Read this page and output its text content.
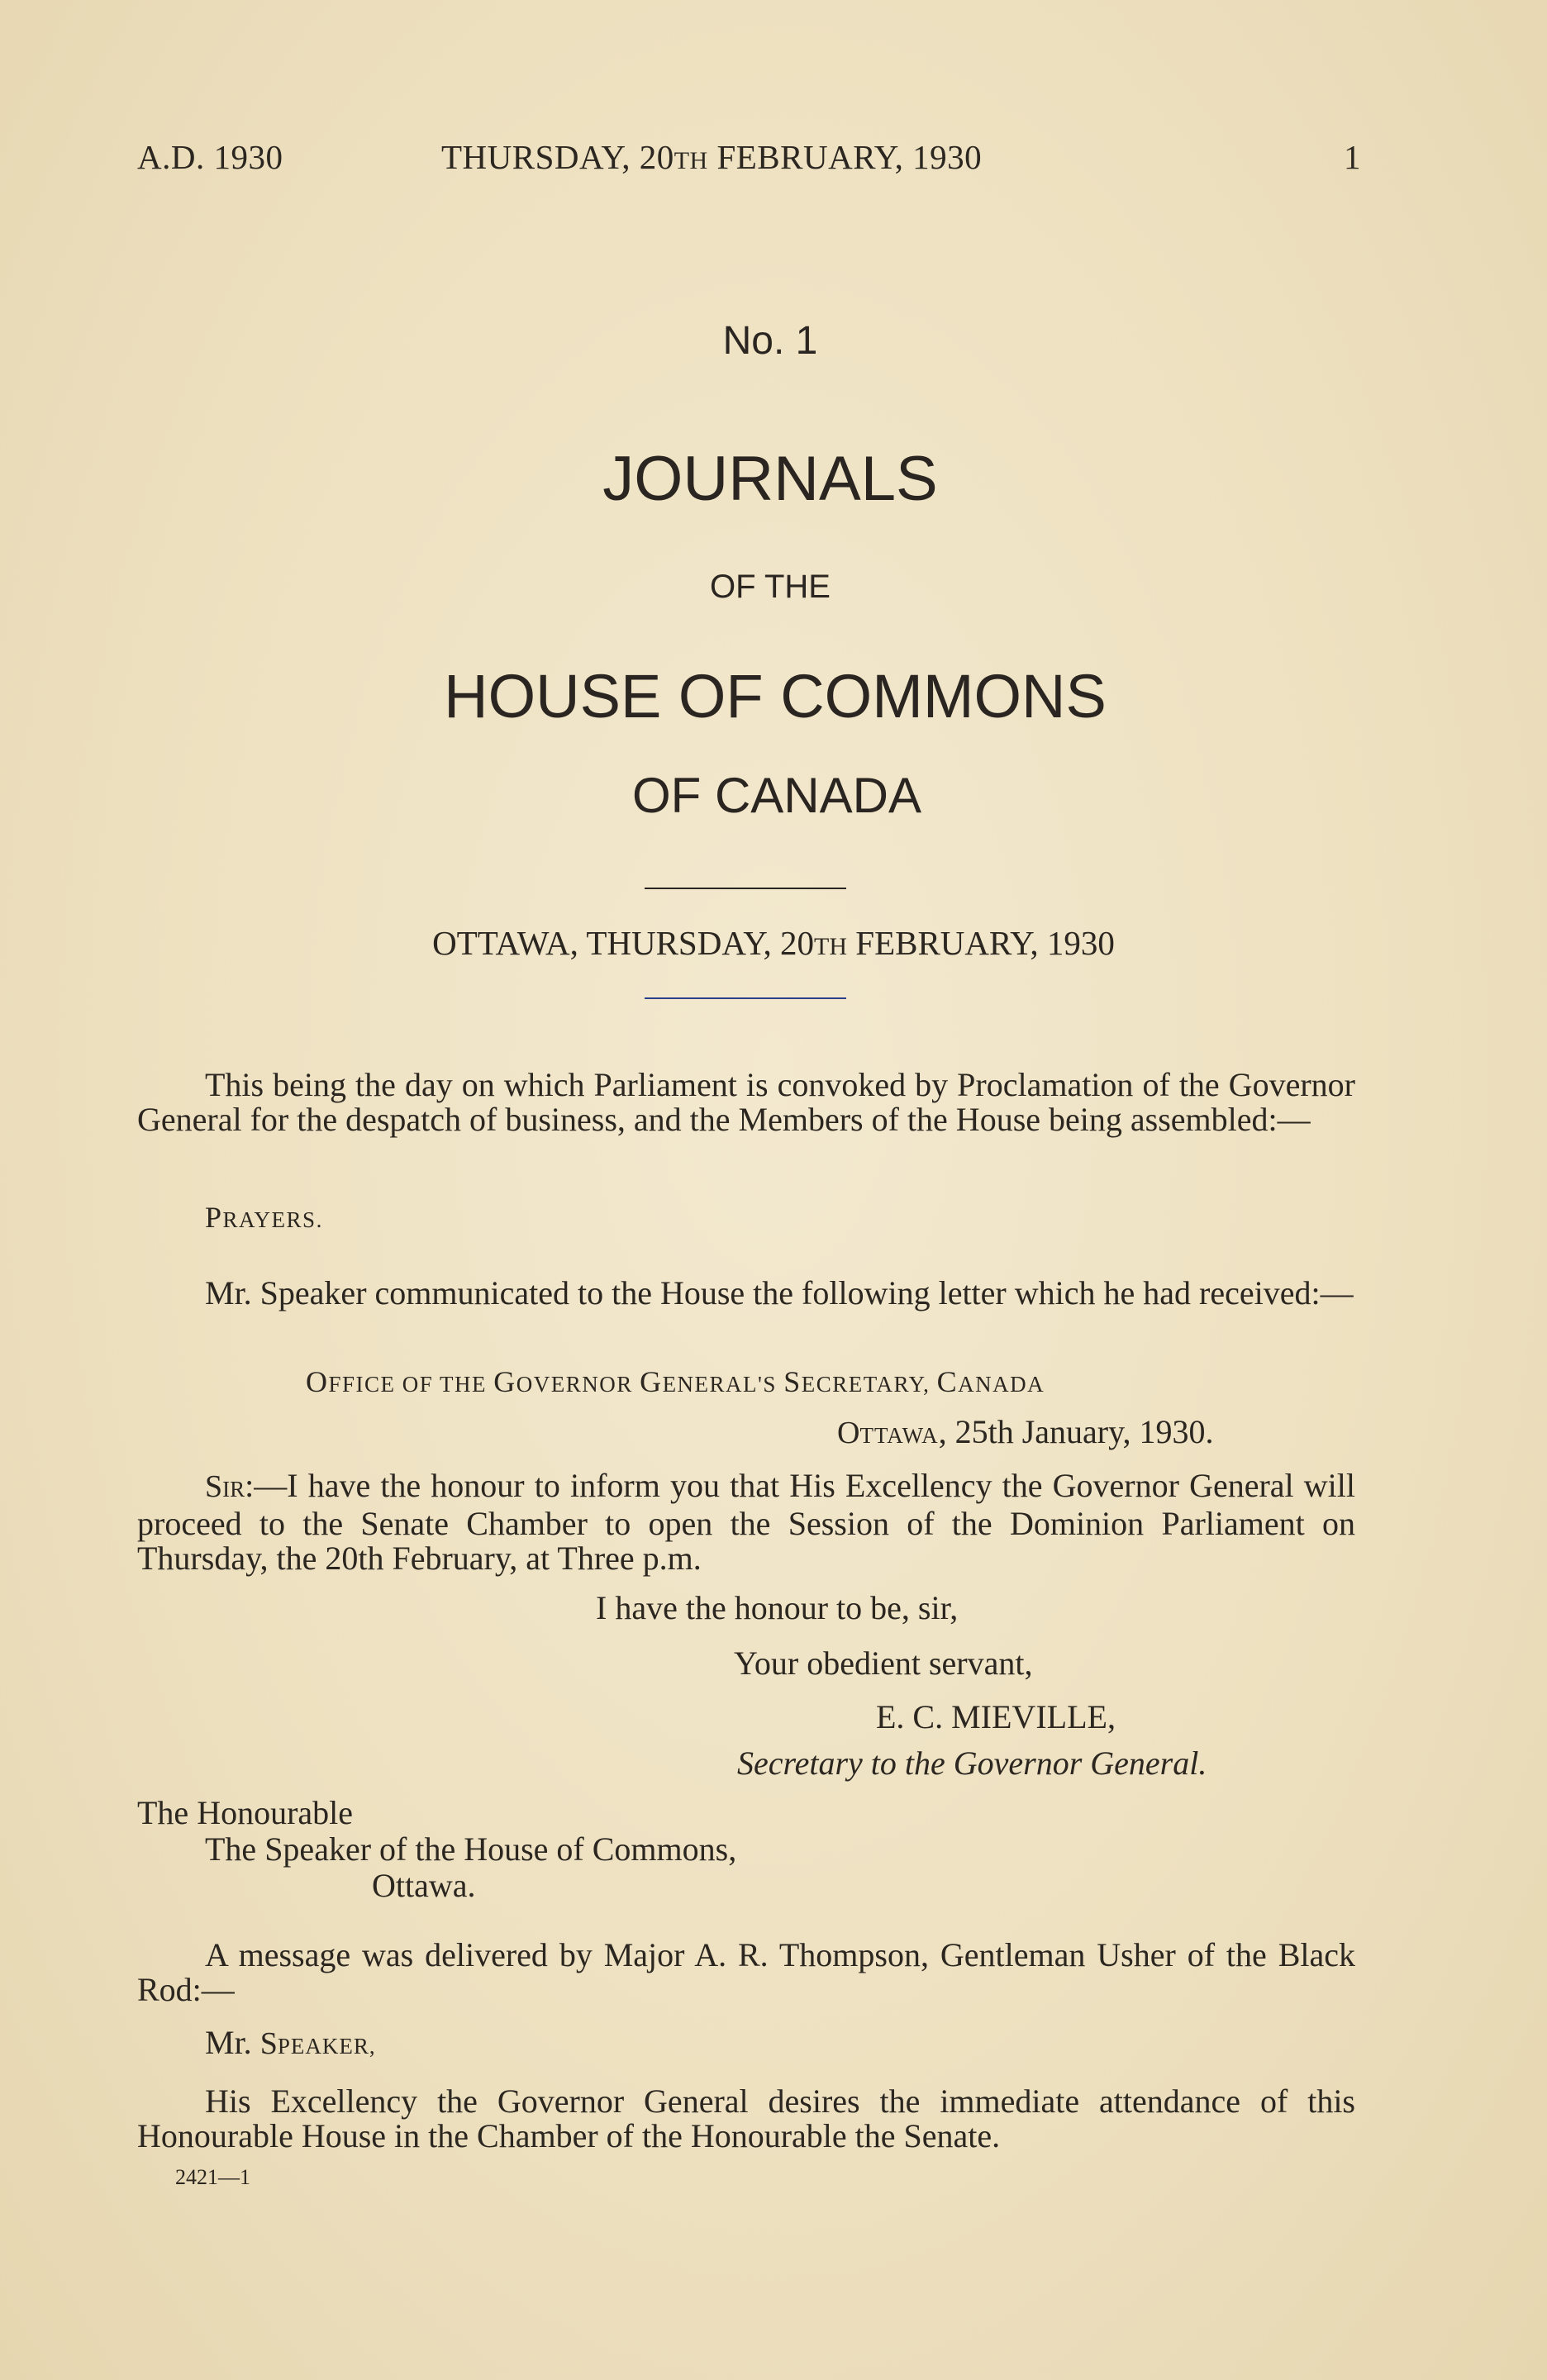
A.D. 1930	THURSDAY, 20TH FEBRUARY, 1930	1
No. 1
JOURNALS
OF THE
HOUSE OF COMMONS
OF CANADA
OTTAWA, THURSDAY, 20TH FEBRUARY, 1930
This being the day on which Parliament is convoked by Proclamation of the Governor General for the despatch of business, and the Members of the House being assembled:—
PRAYERS.
Mr. Speaker communicated to the House the following letter which he had received:—
OFFICE OF THE GOVERNOR GENERAL'S SECRETARY, CANADA
OTTAWA, 25th January, 1930.
SIR:—I have the honour to inform you that His Excellency the Governor General will proceed to the Senate Chamber to open the Session of the Dominion Parliament on Thursday, the 20th February, at Three p.m.
I have the honour to be, sir,
Your obedient servant,
E. C. MIEVILLE,
Secretary to the Governor General.
The Honourable
The Speaker of the House of Commons,
Ottawa.
A message was delivered by Major A. R. Thompson, Gentleman Usher of the Black Rod:—
Mr. SPEAKER,
His Excellency the Governor General desires the immediate attendance of this Honourable House in the Chamber of the Honourable the Senate.
2421—1
